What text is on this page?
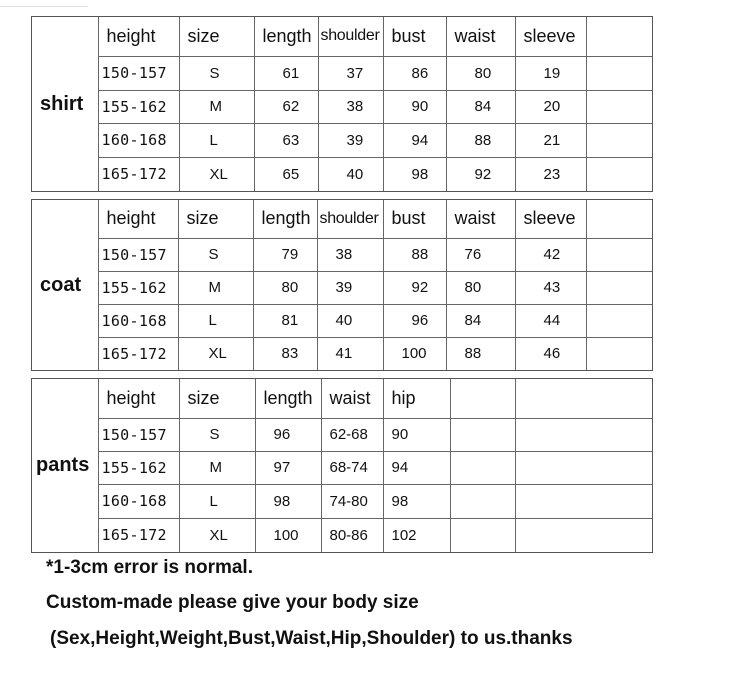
shirt	height	size	length	shoulder	bust	waist	sleeve	
	150-157	S	61	37	86	80	19	
	155-162	M	62	38	90	84	20	
	160-168	L	63	39	94	88	21	
	165-172	XL	65	40	98	92	23	
coat	height	size	length	shoulder	bust	waist	sleeve	
	150-157	S	79	38	88	76	42	
	155-162	M	80	39	92	80	43	
	160-168	L	81	40	96	84	44	
	165-172	XL	83	41	100	88	46	
pants	height	size	length	waist	hip		
	150-157	S	96	62-68	90		
	155-162	M	97	68-74	94		
	160-168	L	98	74-80	98		
	165-172	XL	100	80-86	102		
*1-3cm error is normal.
Custom-made please give your body size
(Sex,Height,Weight,Bust,Waist,Hip,Shoulder) to us.thanks
